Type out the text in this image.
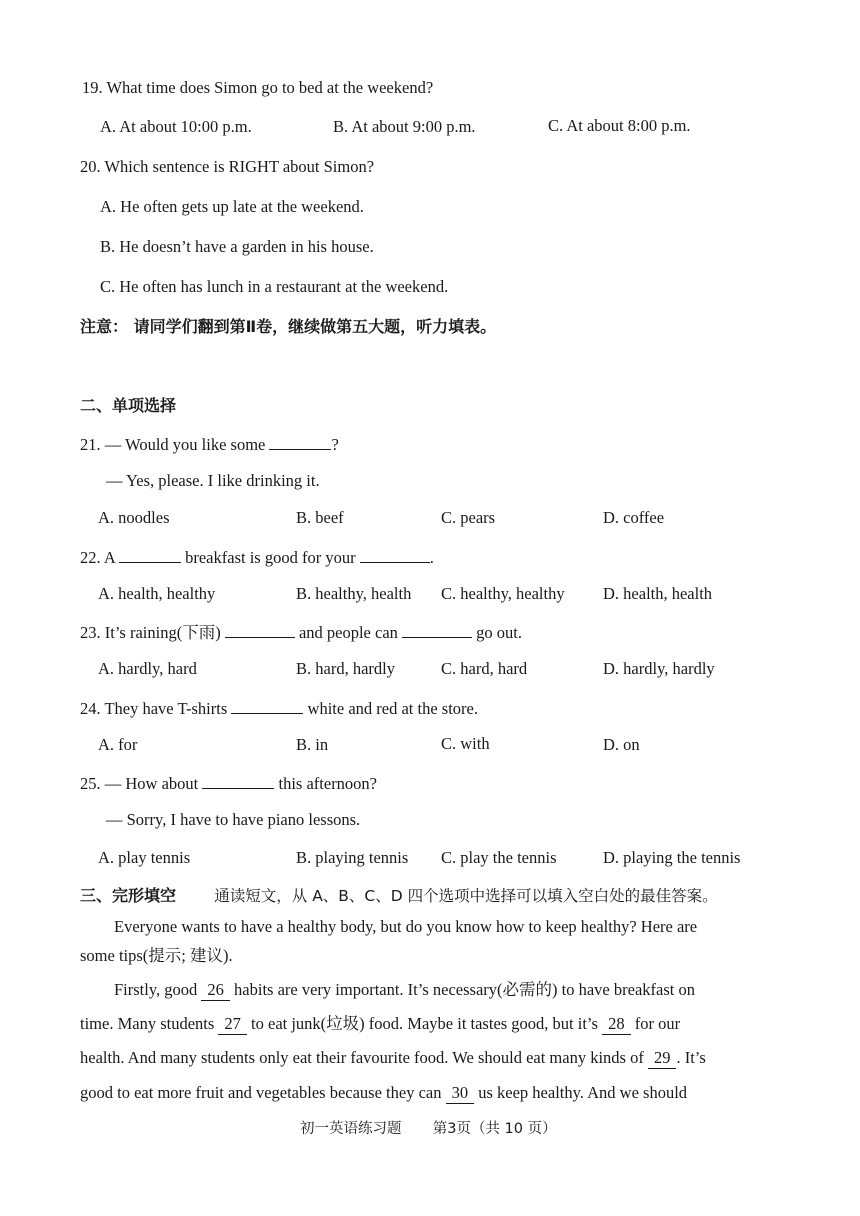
19. What time does Simon go to bed at the weekend?
A. At about 10:00 p.m.	B. At about 9:00 p.m.	C. At about 8:00 p.m.
20. Which sentence is RIGHT about Simon?
A. He often gets up late at the weekend.
B. He doesn’t have a garden in his house.
C. He often has lunch in a restaurant at the weekend.
注意： 请同学们翻到第Ⅱ卷，继续做第五大题，听力填表。
二、单项选择
21. — Would you like some	?
— Yes, please. I like drinking it.
A. noodles	B. beef	C. pears	D. coffee
22. A	breakfast is good for your	.
A. health, healthy	B. healthy, health C. healthy, healthy D. health, health
23. It’s raining(下雨)	and people can	go out.
A. hardly, hard	B. hard, hardly	C. hard, hard	D. hardly, hardly
24. They have T-shirts	white and red at the store.
A. for	B. in	C. with	D. on
25. — How about	this afternoon?
— Sorry, I have to have piano lessons.
A. play tennis	B. playing tennis C. play the tennis	D. playing the tennis
三、完形填空 通读短文，从 A、B、C、D 四个选项中选择可以填入空白处的最佳答案。
Everyone wants to have a healthy body, but do you know how to keep healthy? Here are
some tips(提示; 建议).
Firstly, good 26 habits are very important. It’s necessary(必需的) to have breakfast on
time. Many students 27 to eat junk(垃圾) food. Maybe it tastes good, but it’s 28 for our
health. And many students only eat their favourite food. We should eat many kinds of 29 . It’s
good to eat more fruit and vegetables because they can 30 us keep healthy. And we should
初一英语练习题 第3页（共 10 页）
